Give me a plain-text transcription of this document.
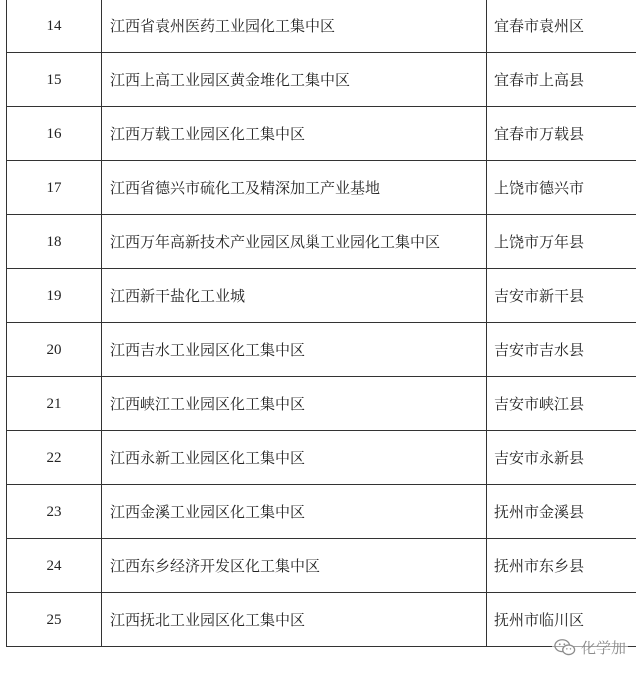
14	江西省袁州医药工业园化工集中区	宜春市袁州区
15	江西上高工业园区黄金堆化工集中区	宜春市上高县
16	江西万载工业园区化工集中区	宜春市万载县
17	江西省德兴市硫化工及精深加工产业基地	上饶市德兴市
18	江西万年高新技术产业园区凤巢工业园化工集中区	上饶市万年县
19	江西新干盐化工业城	吉安市新干县
20	江西吉水工业园区化工集中区	吉安市吉水县
21	江西峡江工业园区化工集中区	吉安市峡江县
22	江西永新工业园区化工集中区	吉安市永新县
23	江西金溪工业园区化工集中区	抚州市金溪县
24	江西东乡经济开发区化工集中区	抚州市东乡县
25	江西抚北工业园区化工集中区	抚州市临川区
化学加
